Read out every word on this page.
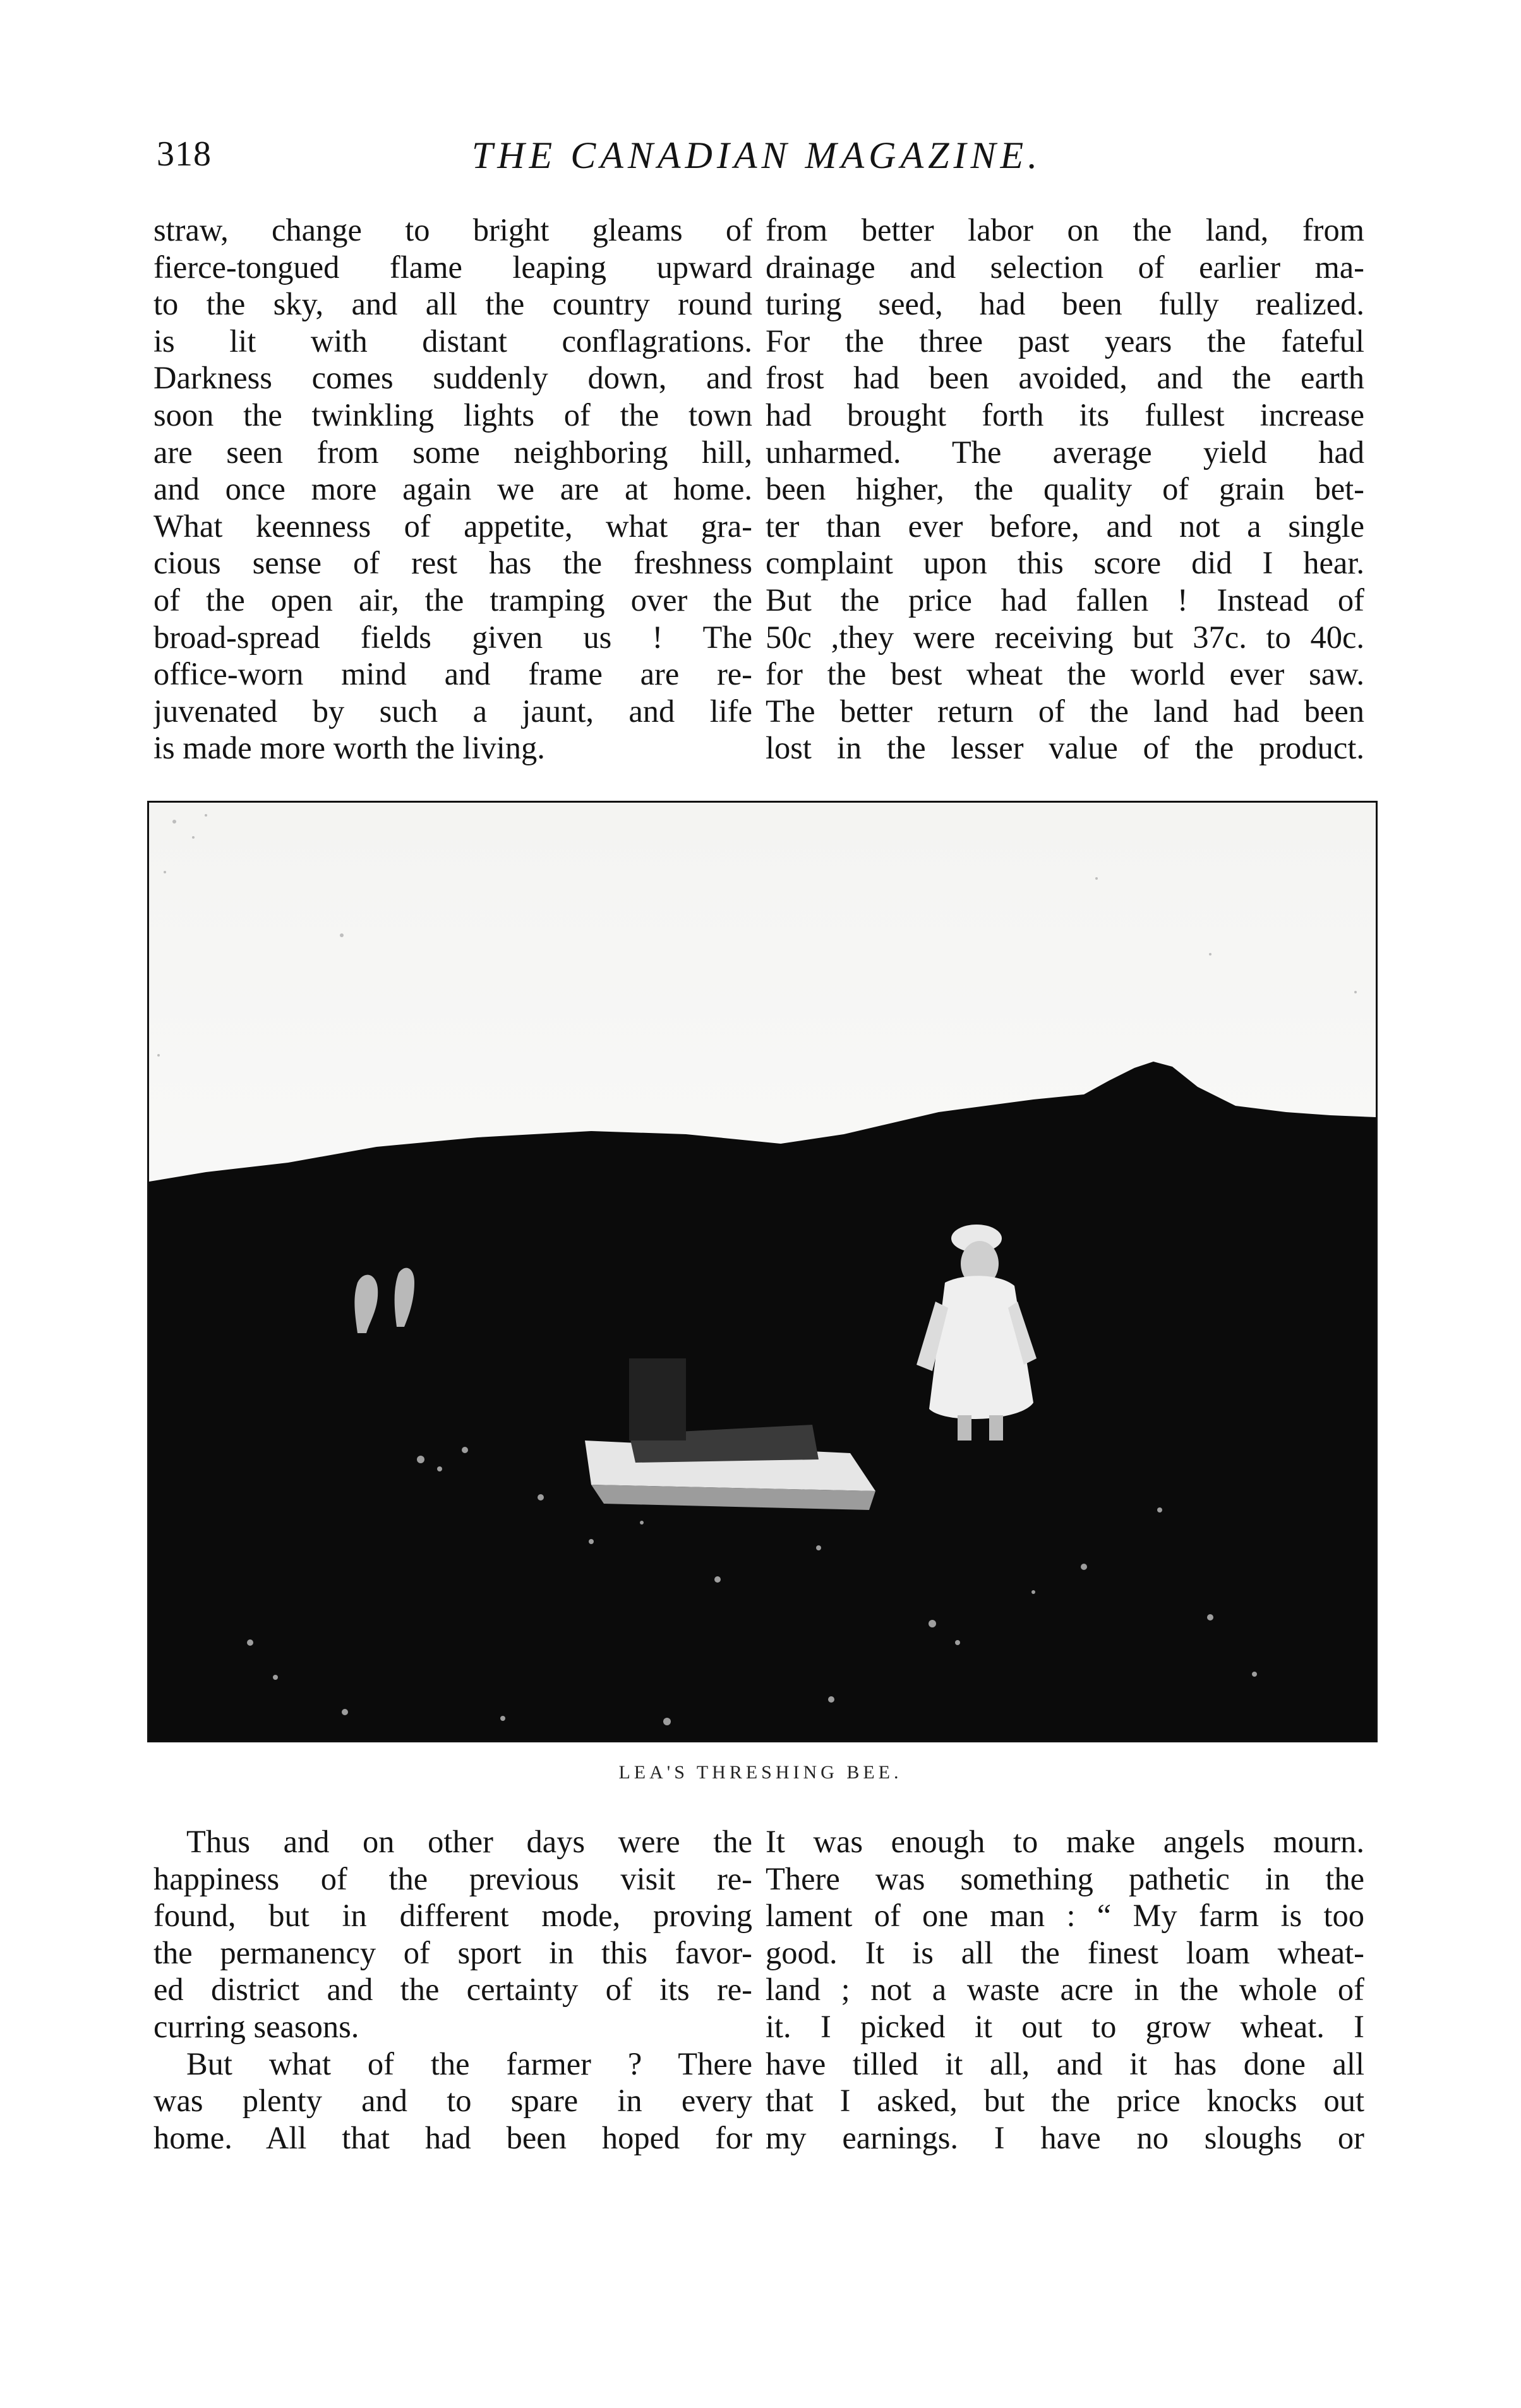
318	THE CANADIAN MAGAZINE.
straw, change to bright gleams of
fierce-tongued flame leaping upward
to the sky, and all the country round
is lit with distant conflagrations.
Darkness comes suddenly down, and
soon the twinkling lights of the town
are seen from some neighboring hill,
and once more again we are at home.
What keenness of appetite, what gra-
cious sense of rest has the freshness
of the open air, the tramping over the
broad-spread fields given us ! The
office-worn mind and frame are re-
juvenated by such a jaunt, and life
is made more worth the living.
from better labor on the land, from
drainage and selection of earlier ma-
turing seed, had been fully realized.
For the three past years the fateful
frost had been avoided, and the earth
had brought forth its fullest increase
unharmed. The average yield had
been higher, the quality of grain bet-
ter than ever before, and not a single
complaint upon this score did I hear.
But the price had fallen ! Instead of
50c ,they were receiving but 37c. to 40c.
for the best wheat the world ever saw.
The better return of the land had been
lost in the lesser value of the product.
LEA'S THRESHING BEE.
Thus and on other days were the
happiness of the previous visit re-
found, but in different mode, proving
the permanency of sport in this favor-
ed district and the certainty of its re-
curring seasons.
But what of the farmer ? There
was plenty and to spare in every
home. All that had been hoped for
It was enough to make angels mourn.
There was something pathetic in the
lament of one man : “ My farm is too
good. It is all the finest loam wheat-
land ; not a waste acre in the whole of
it. I picked it out to grow wheat. I
have tilled it all, and it has done all
that I asked, but the price knocks out
my earnings. I have no sloughs or
